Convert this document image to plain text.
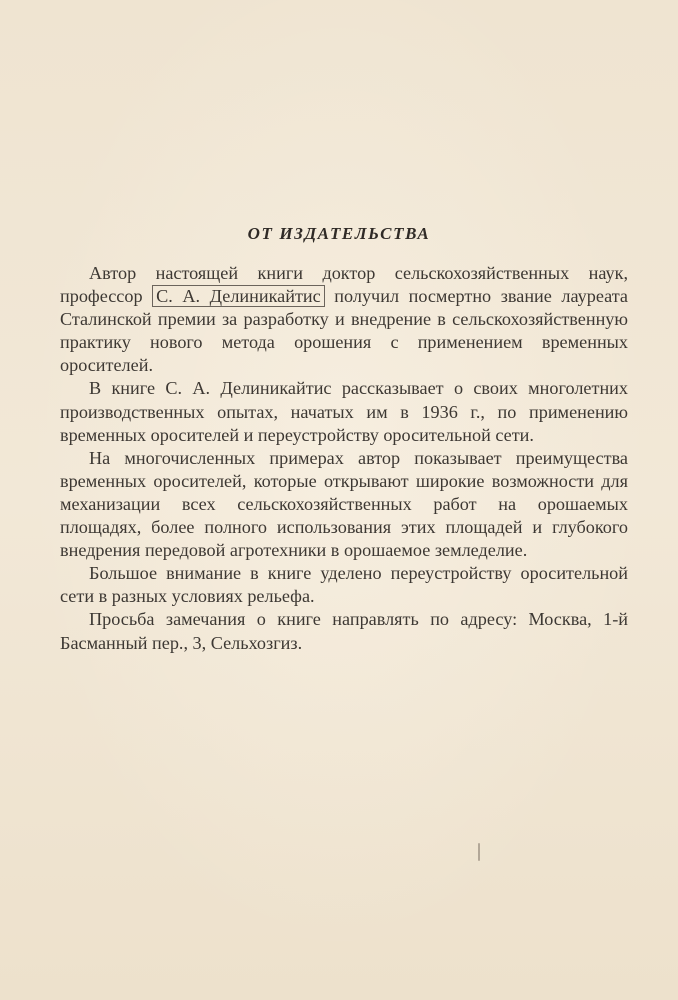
ОТ ИЗДАТЕЛЬСТВА

Автор настоящей книги доктор сельскохозяйственных наук, профессор С. А. Делиникайтис получил посмертно звание лауреата Сталинской премии за разработку и внедрение в сельскохозяйственную практику нового метода орошения с применением временных оросителей.

В книге С. А. Делиникайтис рассказывает о своих многолетних производственных опытах, начатых им в 1936 г., по применению временных оросителей и переустройству оросительной сети.

На многочисленных примерах автор показывает преимущества временных оросителей, которые открывают широкие возможности для механизации всех сельскохозяйственных работ на орошаемых площадях, более полного использования этих площадей и глубокого внедрения передовой агротехники в орошаемое земледелие.

Большое внимание в книге уделено переустройству оросительной сети в разных условиях рельефа.

Просьба замечания о книге направлять по адресу: Москва, 1-й Басманный пер., 3, Сельхозгиз.
